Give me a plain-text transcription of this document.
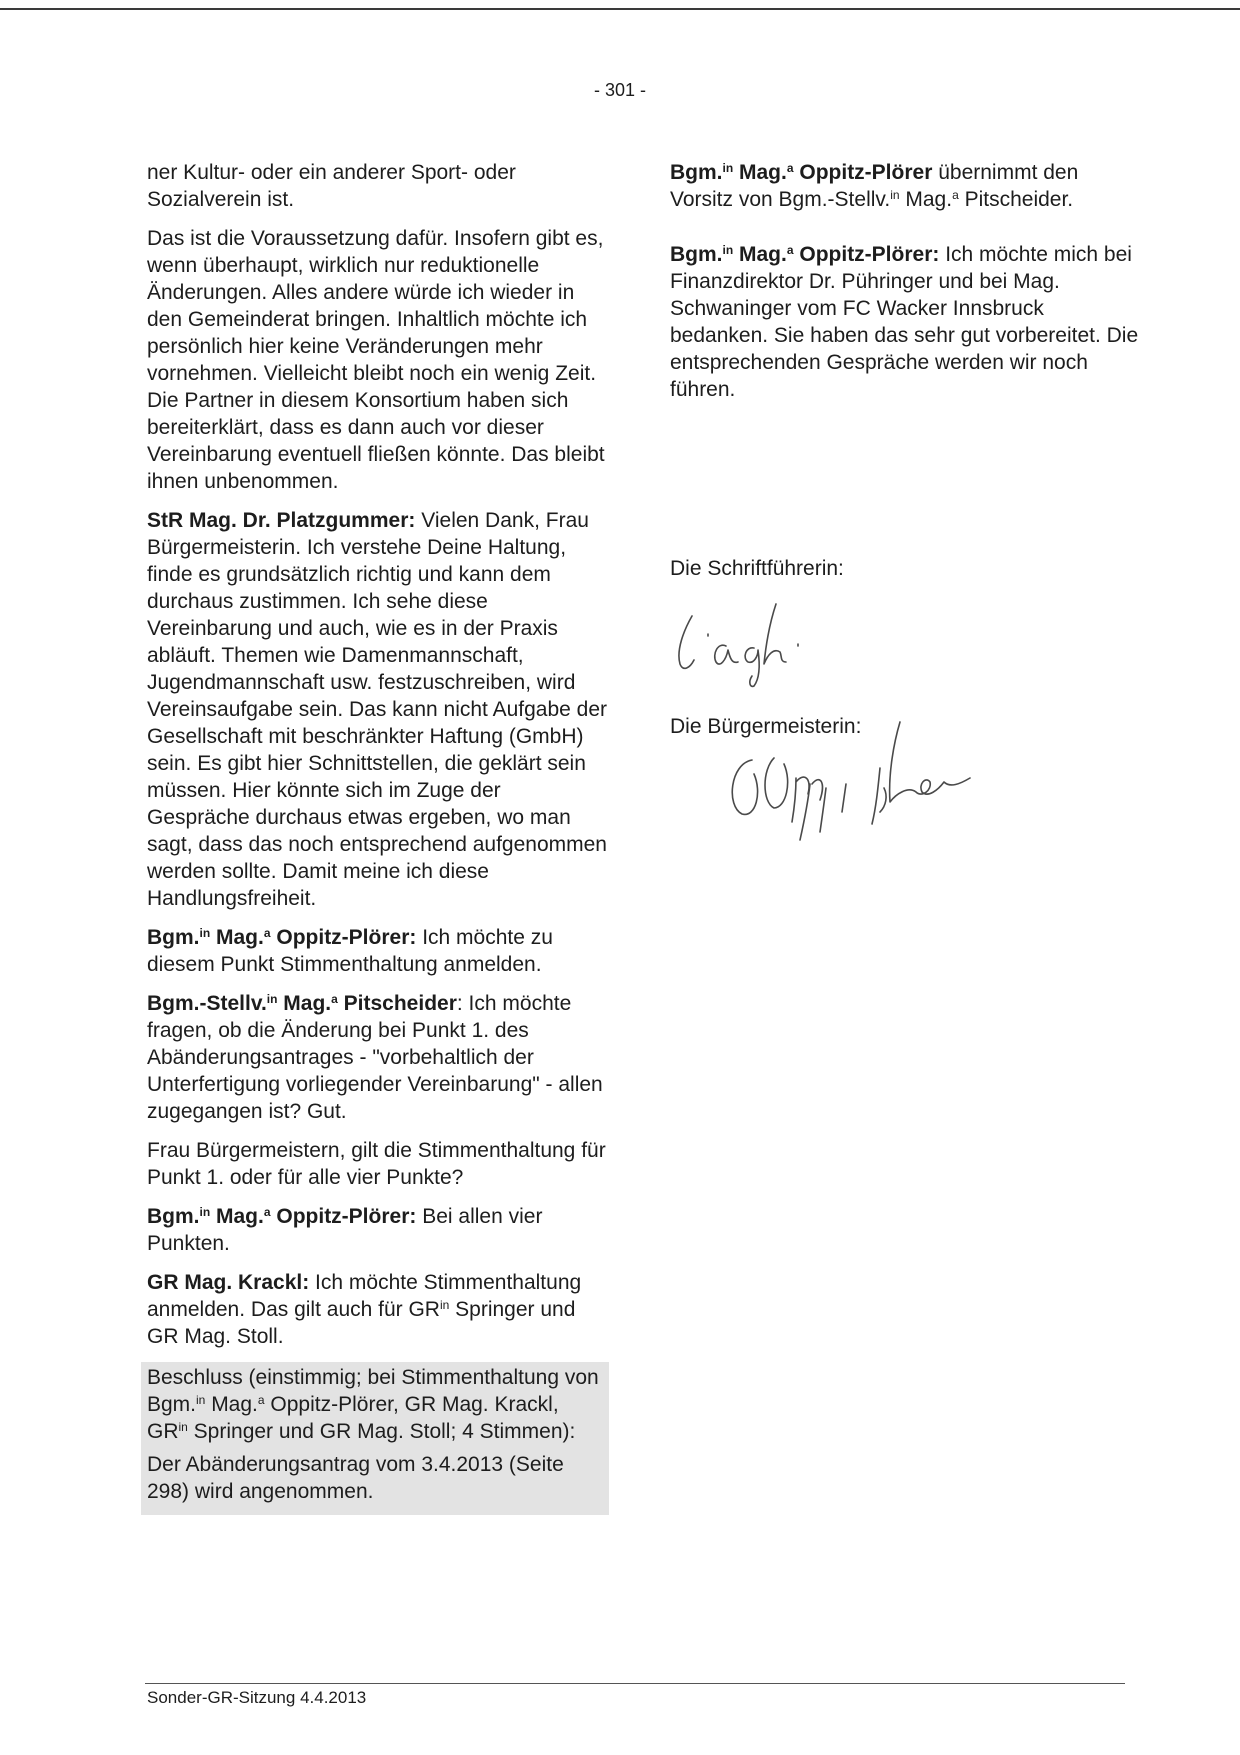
- 301 -

ner Kultur- oder ein anderer Sport- oder Sozialverein ist.

Das ist die Voraussetzung dafür. Insofern gibt es, wenn überhaupt, wirklich nur reduktionelle Änderungen. Alles andere würde ich wieder in den Gemeinderat bringen. Inhaltlich möchte ich persönlich hier keine Veränderungen mehr vornehmen. Vielleicht bleibt noch ein wenig Zeit. Die Partner in diesem Konsortium haben sich bereiterklärt, dass es dann auch vor dieser Vereinbarung eventuell fließen könnte. Das bleibt ihnen unbenommen.

StR Mag. Dr. Platzgummer: Vielen Dank, Frau Bürgermeisterin. Ich verstehe Deine Haltung, finde es grundsätzlich richtig und kann dem durchaus zustimmen. Ich sehe diese Vereinbarung und auch, wie es in der Praxis abläuft. Themen wie Damenmannschaft, Jugendmannschaft usw. festzuschreiben, wird Vereinsaufgabe sein. Das kann nicht Aufgabe der Gesellschaft mit beschränkter Haftung (GmbH) sein. Es gibt hier Schnittstellen, die geklärt sein müssen. Hier könnte sich im Zuge der Gespräche durchaus etwas ergeben, wo man sagt, dass das noch entsprechend aufgenommen werden sollte. Damit meine ich diese Handlungsfreiheit.

Bgm.$^{in}$ Mag.$^a$ Oppitz-Plörer: Ich möchte zu diesem Punkt Stimmenthaltung anmelden.

Bgm.-Stellv.$^{in}$ Mag.$^a$ Pitscheider: Ich möchte fragen, ob die Änderung bei Punkt 1. des Abänderungsantrages - "vorbehaltlich der Unterfertigung vorliegender Vereinbarung" - allen zugegangen ist? Gut.

Frau Bürgermeistern, gilt die Stimmenthaltung für Punkt 1. oder für alle vier Punkte?

Bgm.$^{in}$ Mag.$^a$ Oppitz-Plörer: Bei allen vier Punkten.

GR Mag. Krackl: Ich möchte Stimmenthaltung anmelden. Das gilt auch für $GR^{in}$ Springer und GR Mag. Stoll.

Beschluss (einstimmig; bei Stimmenthaltung von Bgm.$^{in}$ Mag.$^a$ Oppitz-Plörer, GR Mag. Krackl, $GR^{in}$ Springer und GR Mag. Stoll; 4 Stimmen):

Der Abänderungsantrag vom 3.4.2013 (Seite 298) wird angenommen.

Bgm.$^{in}$ Mag.$^a$ Oppitz-Plörer übernimmt den Vorsitz von Bgm.-Stellv.$^{in}$ Mag.$^a$ Pitscheider.

Bgm.$^{in}$ Mag.$^a$ Oppitz-Plörer: Ich möchte mich bei Finanzdirektor Dr. Pühringer und bei Mag. Schwaninger vom FC Wacker Innsbruck bedanken. Sie haben das sehr gut vorbereitet. Die entsprechenden Gespräche werden wir noch führen.

Die Schriftführerin:
Die Bürgermeisterin:
Sonder-GR-Sitzung 4.4.2013
